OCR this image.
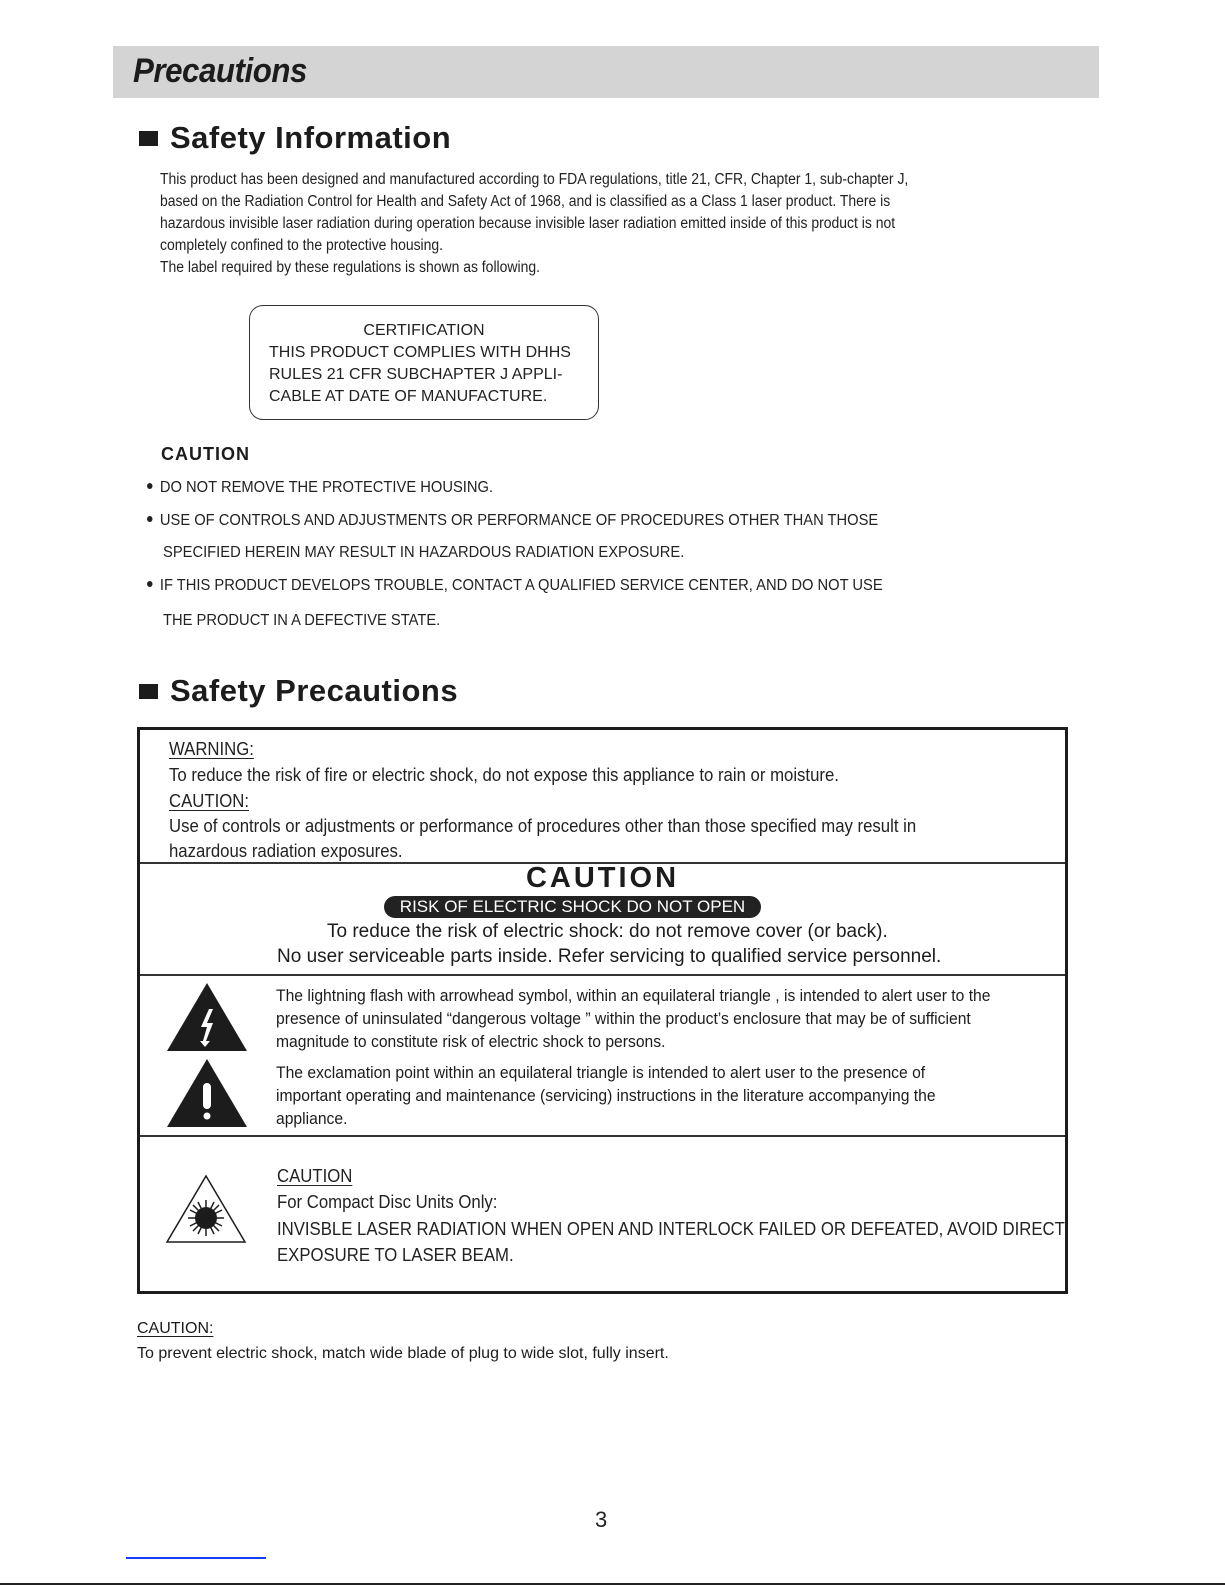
Precautions
Safety Information
This product has been designed and manufactured according to FDA regulations, title 21, CFR, Chapter 1, sub-chapter J,
based on the Radiation Control for Health and Safety Act of 1968, and is classified as a Class 1 laser product. There is
hazardous invisible laser radiation during operation because invisible laser radiation emitted inside of this product is not
completely confined to the protective housing.
The label required by these regulations is shown as following.
CERTIFICATION
THIS PRODUCT COMPLIES WITH DHHS
RULES 21 CFR SUBCHAPTER J APPLI-
CABLE AT DATE OF MANUFACTURE.
CAUTION
DO NOT REMOVE THE PROTECTIVE HOUSING.
USE OF CONTROLS AND ADJUSTMENTS OR PERFORMANCE OF PROCEDURES OTHER THAN THOSE
SPECIFIED HEREIN MAY RESULT IN HAZARDOUS RADIATION EXPOSURE.
IF THIS PRODUCT DEVELOPS TROUBLE, CONTACT A QUALIFIED SERVICE CENTER, AND DO NOT USE
THE PRODUCT IN A DEFECTIVE STATE.
Safety Precautions
WARNING:
To reduce the risk of fire or electric shock, do not expose this appliance to rain or moisture.
CAUTION:
Use of controls or adjustments or performance of procedures other than those specified may result in
hazardous radiation exposures.
CAUTION
RISK OF ELECTRIC SHOCK DO NOT OPEN
To reduce the risk of electric shock: do not remove cover (or back).
No user serviceable parts inside. Refer servicing to qualified service personnel.
The lightning flash with arrowhead symbol, within an equilateral triangle , is intended to alert user to the
presence of uninsulated “dangerous voltage ” within the product’s enclosure that may be of sufficient
magnitude to constitute risk of electric shock to persons.
The exclamation point within an equilateral triangle is intended to alert user to the presence of
important operating and maintenance (servicing) instructions in the literature accompanying the
appliance.
CAUTION
For Compact Disc Units Only:
INVISBLE LASER RADIATION WHEN OPEN AND INTERLOCK FAILED OR DEFEATED, AVOID DIRECT
EXPOSURE TO LASER BEAM.
CAUTION:
To prevent electric shock, match wide blade of plug to wide slot, fully insert.
3
